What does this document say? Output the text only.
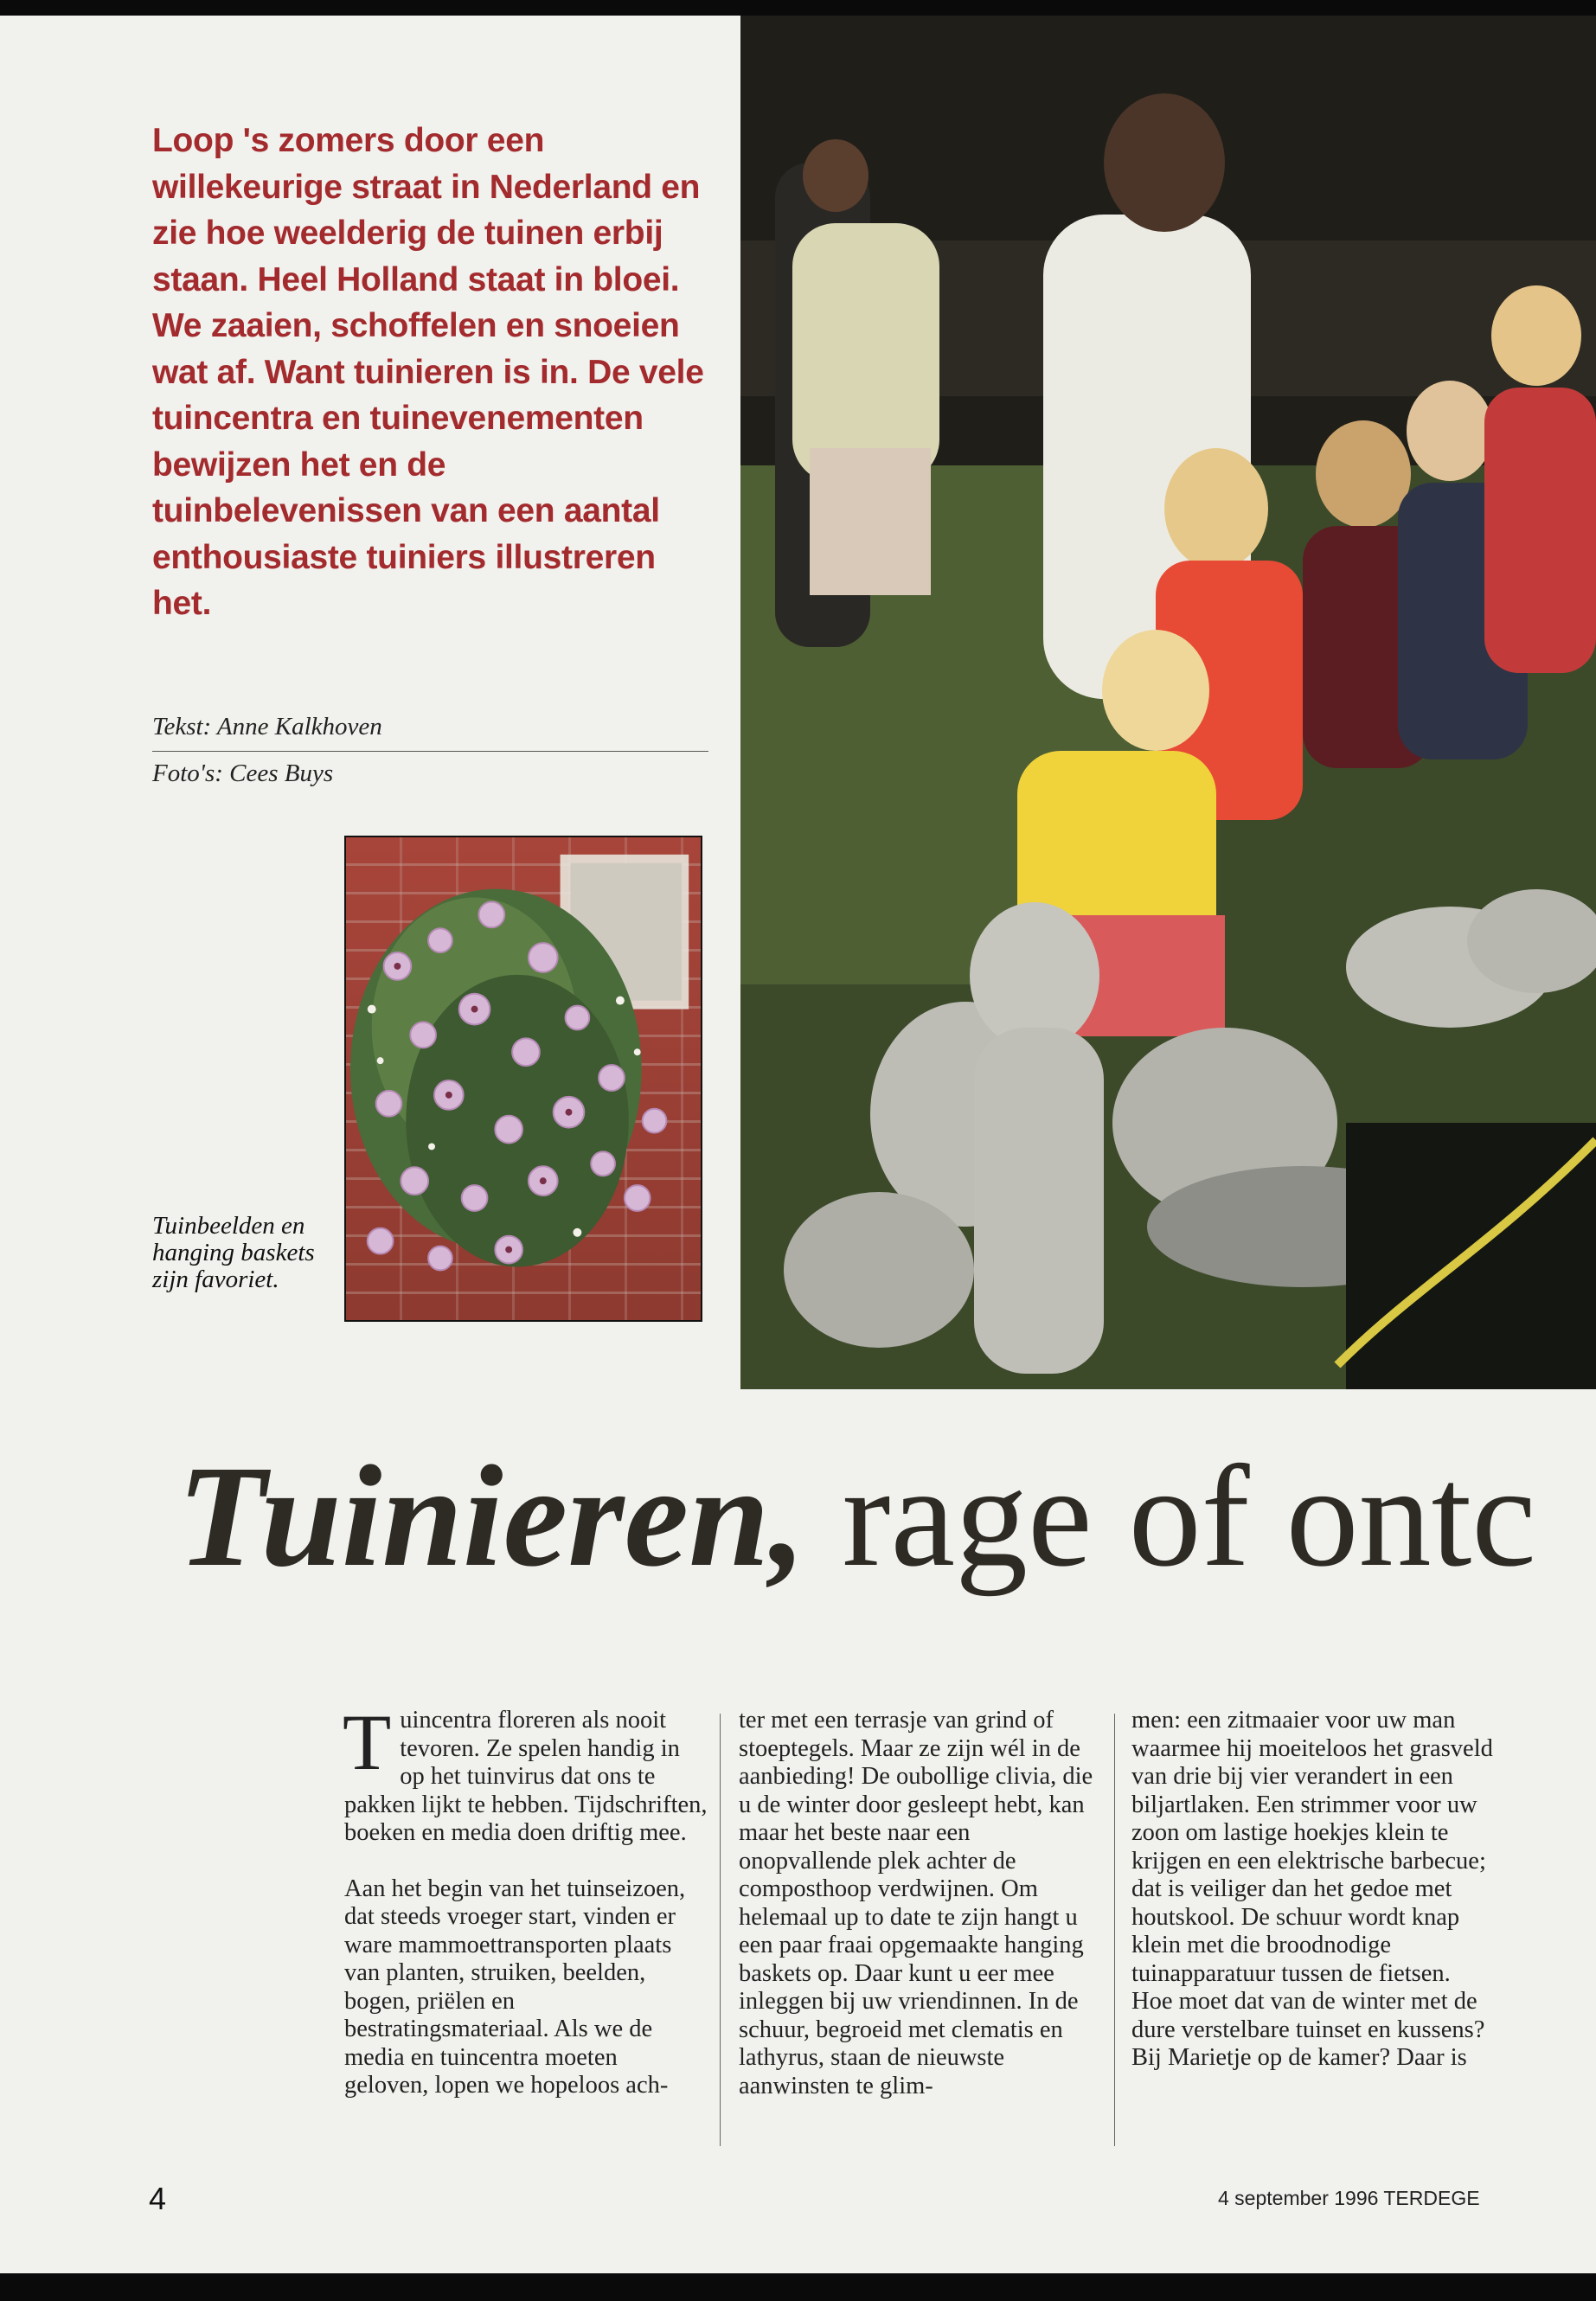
Loop 's zomers door een willekeurige straat in Nederland en zie hoe weelderig de tuinen erbij staan. Heel Holland staat in bloei. We zaaien, schoffelen en snoeien wat af. Want tuinieren is in. De vele tuincentra en tuinevenementen bewijzen het en de tuinbelevenissen van een aantal enthousiaste tuiniers illustreren het.
Tekst: Anne Kalkhoven
Foto's: Cees Buys
Tuinbeelden en hanging baskets zijn favoriet.
Tuinieren, rage of ontc

Tuincentra floreren als nooit tevoren. Ze spelen handig in op het tuinvirus dat ons te pakken lijkt te hebben. Tijdschriften, boeken en media doen driftig mee.

Aan het begin van het tuinseizoen, dat steeds vroeger start, vinden er ware mammoettransporten plaats van planten, struiken, beelden, bogen, priëlen en bestratingsmateriaal. Als we de media en tuincentra moeten geloven, lopen we hopeloos ach-

ter met een terrasje van grind of stoeptegels. Maar ze zijn wél in de aanbieding! De oubollige clivia, die u de winter door gesleept hebt, kan maar het beste naar een onopvallende plek achter de composthoop verdwijnen. Om helemaal up to date te zijn hangt u een paar fraai opgemaakte hanging baskets op. Daar kunt u eer mee inleggen bij uw vriendinnen. In de schuur, begroeid met clematis en lathyrus, staan de nieuwste aanwinsten te glim-

men: een zitmaaier voor uw man waarmee hij moeiteloos het grasveld van drie bij vier verandert in een biljartlaken. Een strimmer voor uw zoon om lastige hoekjes klein te krijgen en een elektrische barbecue; dat is veiliger dan het gedoe met houtskool. De schuur wordt knap klein met die broodnodige tuinapparatuur tussen de fietsen. Hoe moet dat van de winter met de dure verstelbare tuinset en kussens? Bij Marietje op de kamer? Daar is

4	4 september 1996 TERDEGE
